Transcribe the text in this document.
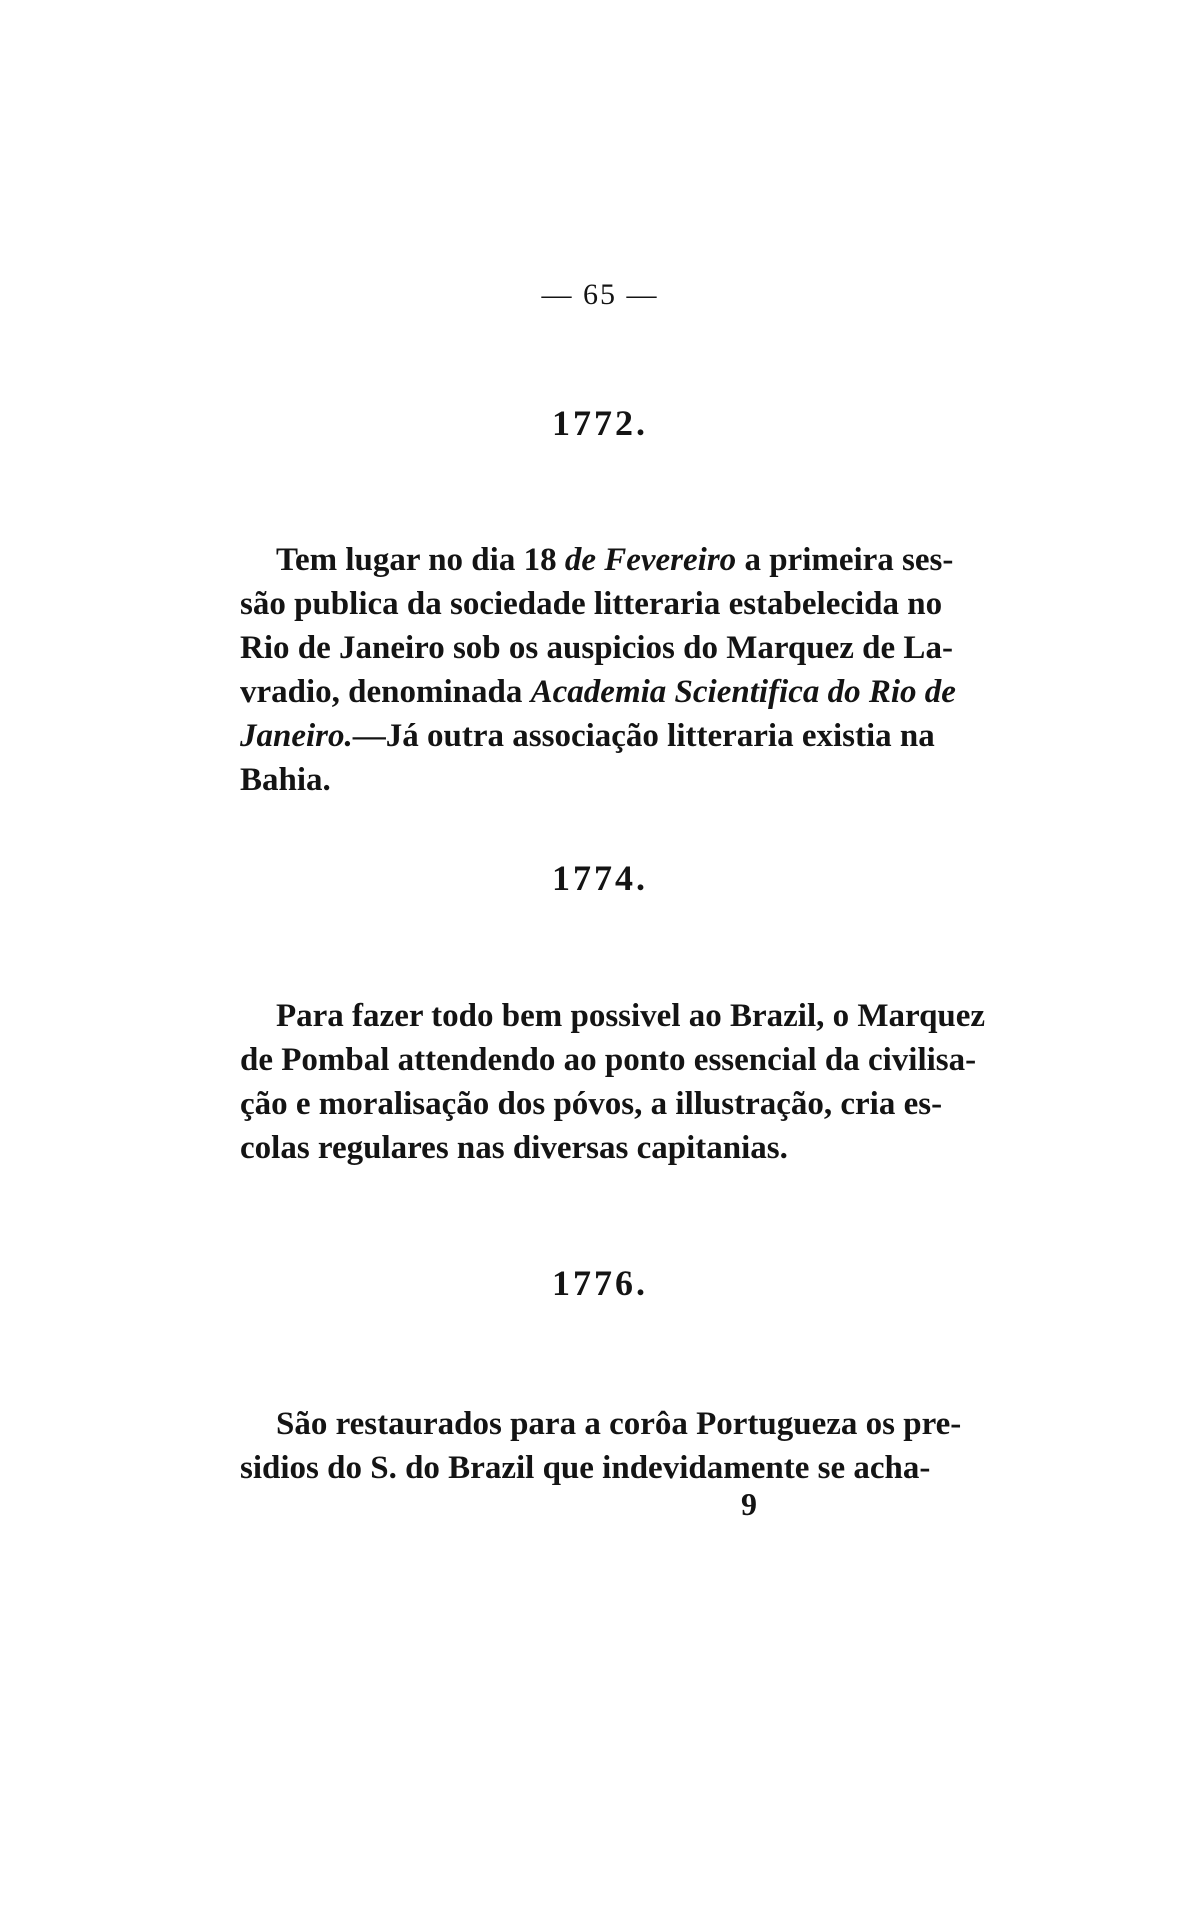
— 65 —
1772.
Tem lugar no dia 18 de Fevereiro a primeira ses-
são publica da sociedade litteraria estabelecida no
Rio de Janeiro sob os auspicios do Marquez de La-
vradio, denominada Academia Scientifica do Rio de
Janeiro.—Já outra associação litteraria existia na
Bahia.
1774.
Para fazer todo bem possivel ao Brazil, o Marquez
de Pombal attendendo ao ponto essencial da civilisa-
ção e moralisação dos póvos, a illustração, cria es-
colas regulares nas diversas capitanias.
1776.
São restaurados para a corôa Portugueza os pre-
sidios do S. do Brazil que indevidamente se acha-
9
